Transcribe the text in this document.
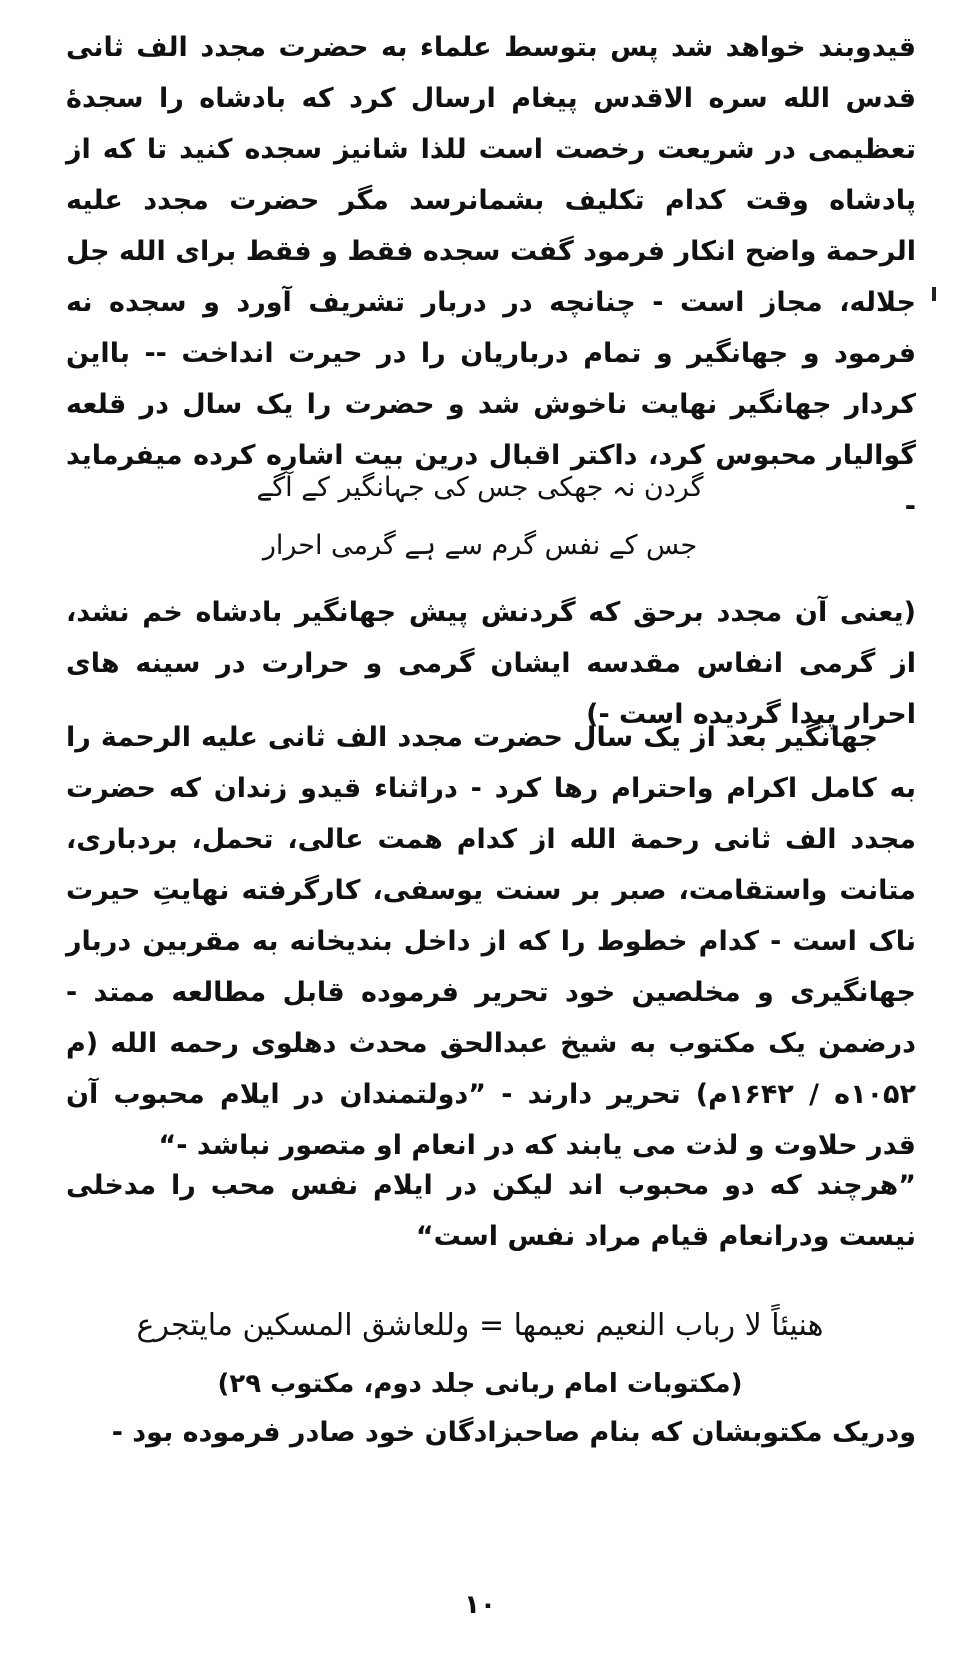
قیدوبند خواهد شد پس بتوسط علماء به حضرت مجدد الف ثانی قدس الله سره الاقدس پیغام ارسال کرد که بادشاه را سجدهٔ تعظیمی در شریعت رخصت است للذا شانیز سجده کنید تا که از پادشاه وقت کدام تکلیف بشمانرسد مگر حضرت مجدد علیه الرحمة واضح انکار فرمود گفت سجده فقط و فقط برای الله جل جلاله، مجاز است - چنانچه در دربار تشریف آورد و سجده نه فرمود و جهانگیر و تمام درباریان را در حیرت انداخت -- بااین کردار جهانگیر نهایت ناخوش شد و حضرت را یک سال در قلعه گوالیار محبوس کرد، داکتر اقبال درین بیت اشاره کرده میفرماید -

گردن نہ جھکی جس کی جہانگیر کے آگے

جس کے نفس گرم سے ہے گرمی احرار

(یعنی آن مجدد برحق که گردنش پیش جهانگیر بادشاه خم نشد، از گرمی انفاس مقدسه ایشان گرمی و حرارت در سینه های احرار پیدا گردیده است -)

جهانگیر بعد از یک سال حضرت مجدد الف ثانی علیه الرحمة را به کامل اکرام واحترام رها کرد - دراثناء قیدو زندان که حضرت مجدد الف ثانی رحمة الله از کدام همت عالی، تحمل، بردباری، متانت واستقامت، صبر بر سنت یوسفی، کارگرفته نهایتِ حیرت ناک است - کدام خطوط را که از داخل بندیخانه به مقربین دربار جهانگیری و مخلصین خود تحریر فرموده قابل مطالعه ممتد - درضمن یک مکتوب به شیخ عبدالحق محدث دهلوی رحمه الله (م ۱۰۵۲ه / ۱۶۴۲م) تحریر دارند - ”دولتمندان در ایلام محبوب آن قدر حلاوت و لذت می یابند که در انعام او متصور نباشد -“

”هرچند که دو محبوب اند لیکن در ایلام نفس محب را مدخلی نیست ودرانعام قیام مراد نفس است“

هنيئاً لا رباب النعيم نعيمها = وللعاشق المسكين مايتجرع

(مکتوبات امام ربانی جلد دوم، مکتوب ۲۹)

ودریک مکتوبشان که بنام صاحبزادگان خود صادر فرموده بود -

١٠
